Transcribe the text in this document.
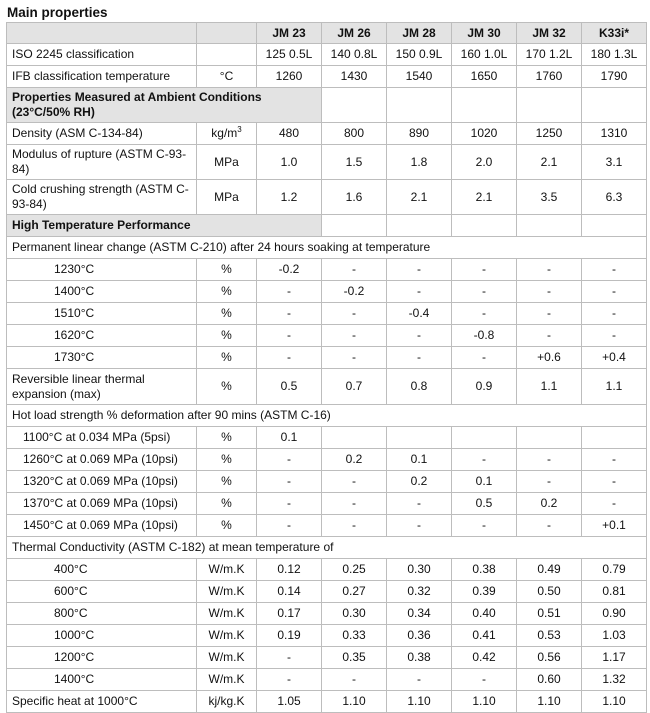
Main properties
		JM 23	JM 26	JM 28	JM 30	JM 32	K33i*
ISO 2245 classification		125 0.5L	140 0.8L	150 0.9L	160 1.0L	170 1.2L	180 1.3L
IFB classification temperature	°C	1260	1430	1540	1650	1760	1790
Properties Measured at Ambient Conditions (23°C/50% RH)							
Density (ASM C-134-84)	$kg/m^3$	480	800	890	1020	1250	1310
Modulus of rupture (ASTM C-93-84)	MPa	1.0	1.5	1.8	2.0	2.1	3.1
Cold crushing strength (ASTM C-93-84)	MPa	1.2	1.6	2.1	2.1	3.5	6.3
High Temperature Performance							
Permanent linear change (ASTM C-210) after 24 hours soaking at temperature							
1230°C	%	-0.2	-	-	-	-	-
1400°C	%	-	-0.2	-	-	-	-
1510°C	%	-	-	-0.4	-	-	-
1620°C	%	-	-	-	-0.8	-	-
1730°C	%	-	-	-	-	+0.6	+0.4
Reversible linear thermal expansion (max)	%	0.5	0.7	0.8	0.9	1.1	1.1
Hot load strength % deformation after 90 mins (ASTM C-16)							
1100°C at 0.034 MPa (5psi)	%	0.1					
1260°C at 0.069 MPa (10psi)	%	-	0.2	0.1	-	-	-
1320°C at 0.069 MPa (10psi)	%	-	-	0.2	0.1	-	-
1370°C at 0.069 MPa (10psi)	%	-	-	-	0.5	0.2	-
1450°C at 0.069 MPa (10psi)	%	-	-	-	-	-	+0.1
Thermal Conductivity (ASTM C-182) at mean temperature of							
400°C	W/m.K	0.12	0.25	0.30	0.38	0.49	0.79
600°C	W/m.K	0.14	0.27	0.32	0.39	0.50	0.81
800°C	W/m.K	0.17	0.30	0.34	0.40	0.51	0.90
1000°C	W/m.K	0.19	0.33	0.36	0.41	0.53	1.03
1200°C	W/m.K	-	0.35	0.38	0.42	0.56	1.17
1400°C	W/m.K	-	-	-	-	0.60	1.32
Specific heat at 1000°C	kj/kg.K	1.05	1.10	1.10	1.10	1.10	1.10
